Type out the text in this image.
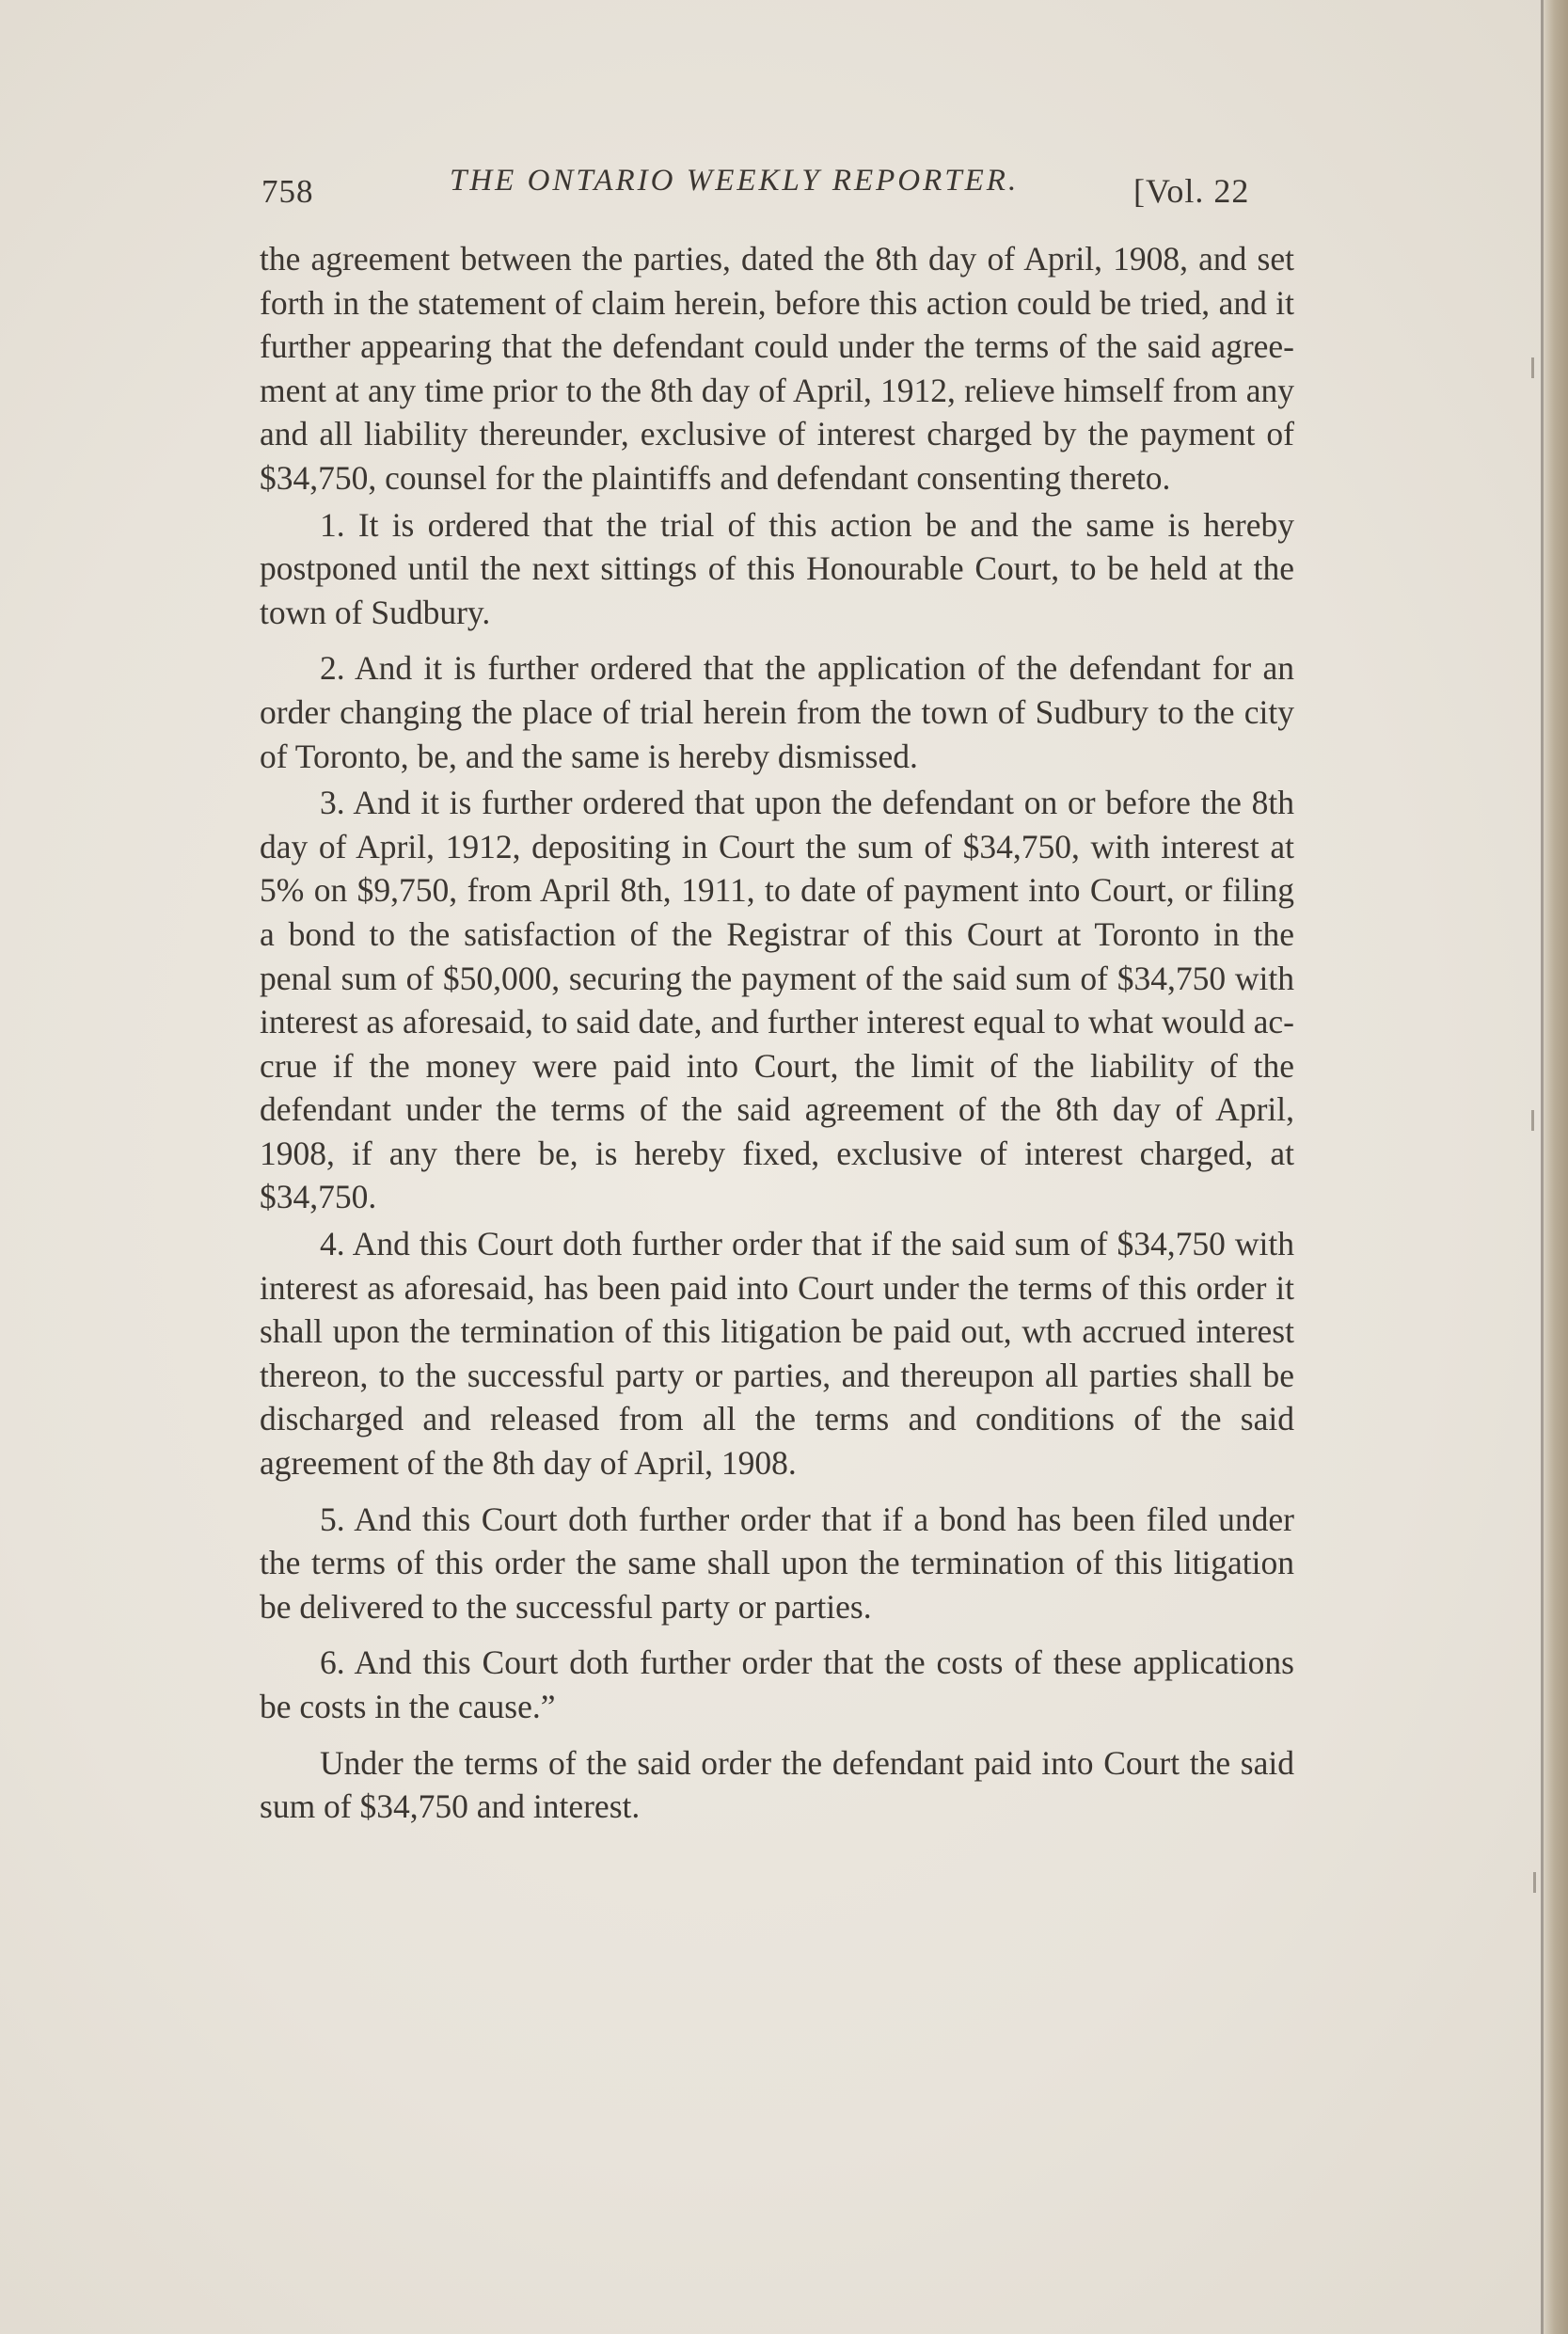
758	THE ONTARIO WEEKLY REPORTER.	[Vol. 22

the agreement between the parties, dated the 8th day of April, 1908, and set forth in the statement of claim herein, before this action could be tried, and it further appearing that the defendant could under the terms of the said agreement at any time prior to the 8th day of April, 1912, relieve himself from any and all liability thereunder, exclusive of interest charged by the payment of $34,750, counsel for the plaintiffs and defendant consenting thereto.

1. It is ordered that the trial of this action be and the same is hereby postponed until the next sittings of this Honourable Court, to be held at the town of Sudbury.

2. And it is further ordered that the application of the defendant for an order changing the place of trial herein from the town of Sudbury to the city of Toronto, be, and the same is hereby dismissed.

3. And it is further ordered that upon the defendant on or before the 8th day of April, 1912, depositing in Court the sum of $34,750, with interest at 5% on $9,750, from April 8th, 1911, to date of payment into Court, or filing a bond to the satisfaction of the Registrar of this Court at Toronto in the penal sum of $50,000, securing the payment of the said sum of $34,750 with interest as aforesaid, to said date, and further interest equal to what would accrue if the money were paid into Court, the limit of the liability of the defendant under the terms of the said agreement of the 8th day of April, 1908, if any there be, is hereby fixed, exclusive of interest charged, at $34,750.

4. And this Court doth further order that if the said sum of $34,750 with interest as aforesaid, has been paid into Court under the terms of this order it shall upon the termination of this litigation be paid out, wth accrued interest thereon, to the successful party or parties, and thereupon all parties shall be discharged and released from all the terms and conditions of the said agreement of the 8th day of April, 1908.

5. And this Court doth further order that if a bond has been filed under the terms of this order the same shall upon the termination of this litigation be delivered to the successful party or parties.

6. And this Court doth further order that the costs of these applications be costs in the cause.”

Under the terms of the said order the defendant paid into Court the said sum of $34,750 and interest.
